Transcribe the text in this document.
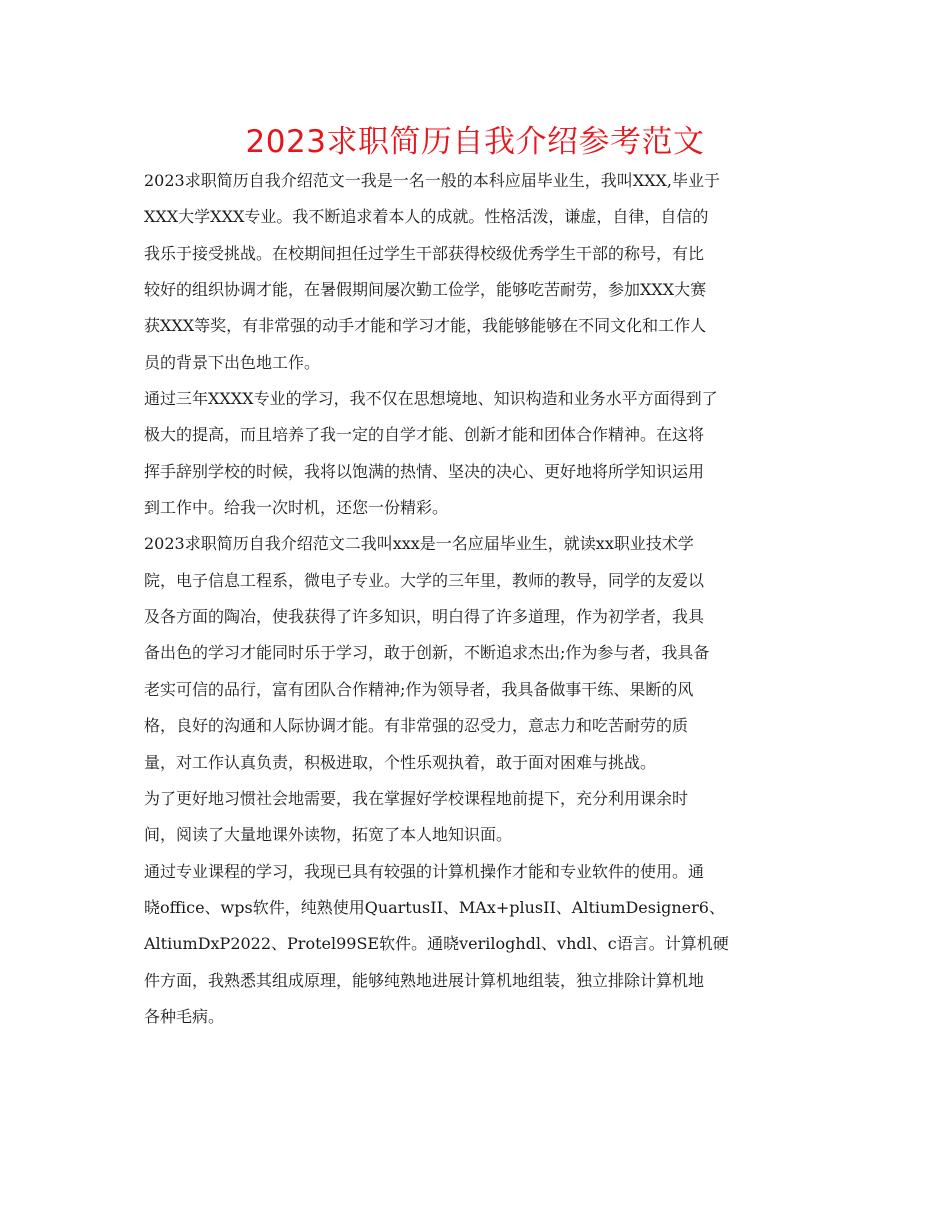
2023求职简历自我介绍参考范文

2023求职简历自我介绍范文一我是一名一般的本科应届毕业生，我叫XXX,毕业于
XXX大学XXX专业。我不断追求着本人的成就。性格活泼，谦虚，自律，自信的
我乐于接受挑战。在校期间担任过学生干部获得校级优秀学生干部的称号，有比
较好的组织协调才能，在暑假期间屡次勤工俭学，能够吃苦耐劳，参加XXX大赛
获XXX等奖，有非常强的动手才能和学习才能，我能够能够在不同文化和工作人
员的背景下出色地工作。

通过三年XXXX专业的学习，我不仅在思想境地、知识构造和业务水平方面得到了
极大的提高，而且培养了我一定的自学才能、创新才能和团体合作精神。在这将
挥手辞别学校的时候，我将以饱满的热情、坚决的决心、更好地将所学知识运用
到工作中。给我一次时机，还您一份精彩。

2023求职简历自我介绍范文二我叫xxx是一名应届毕业生，就读xx职业技术学
院，电子信息工程系，微电子专业。大学的三年里，教师的教导，同学的友爱以
及各方面的陶冶，使我获得了许多知识，明白得了许多道理，作为初学者，我具
备出色的学习才能同时乐于学习，敢于创新，不断追求杰出;作为参与者，我具备
老实可信的品行，富有团队合作精神;作为领导者，我具备做事干练、果断的风
格，良好的沟通和人际协调才能。有非常强的忍受力，意志力和吃苦耐劳的质
量，对工作认真负责，积极进取，个性乐观执着，敢于面对困难与挑战。

为了更好地习惯社会地需要，我在掌握好学校课程地前提下，充分利用课余时
间，阅读了大量地课外读物，拓宽了本人地知识面。

通过专业课程的学习，我现已具有较强的计算机操作才能和专业软件的使用。通
晓office、wps软件，纯熟使用QuartusII、MAx+plusII、AltiumDesigner6、
AltiumDxP2022、Protel99SE软件。通晓veriloghdl、vhdl、c语言。计算机硬
件方面，我熟悉其组成原理，能够纯熟地进展计算机地组装，独立排除计算机地
各种毛病。
